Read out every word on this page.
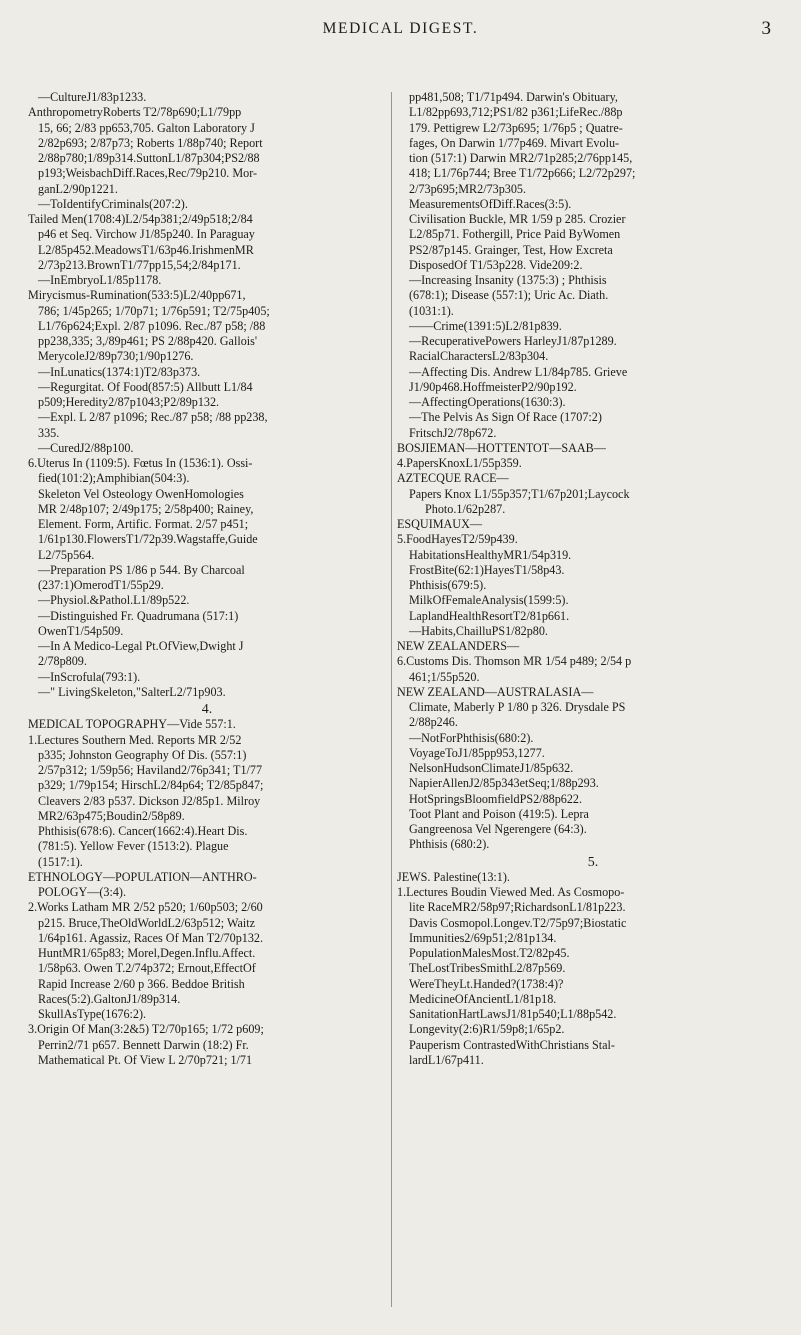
MEDICAL DIGEST.	3
—CultureJ1/83p1233.
AnthropometryRoberts T2/78p690;L1/79pp
15, 66; 2/83 pp653,705. Galton Laboratory J
2/82p693; 2/87p73; Roberts 1/88p740; Report
2/88p780;1/89p314.SuttonL1/87p304;PS2/88
p193;WeisbachDiff.Races,Rec/79p210. Mor-
ganL2/90p1221.
—ToIdentifyCriminals(207:2).
Tailed Men(1708:4)L2/54p381;2/49p518;2/84
p46 et Seq. Virchow J1/85p240. In Paraguay
L2/85p452.MeadowsT1/63p46.IrishmenMR
2/73p213.BrownT1/77pp15,54;2/84p171.
—InEmbryoL1/85p1178.
Mirycismus-Rumination(533:5)L2/40pp671,
786; 1/45p265; 1/70p71; 1/76p591; T2/75p405;
L1/76p624;Expl. 2/87 p1096. Rec./87 p58; /88
pp238,335; 3,/89p461; PS 2/88p420. Gallois'
MerycoleJ2/89p730;1/90p1276.
—InLunatics(1374:1)T2/83p373.
—Regurgitat. Of Food(857:5) Allbutt L1/84
p509;Heredity2/87p1043;P2/89p132.
—Expl. L 2/87 p1096; Rec./87 p58; /88 pp238,
335.
—CuredJ2/88p100.
6.Uterus In (1109:5). Fœtus In (1536:1). Ossi-
fied(101:2);Amphibian(504:3).
Skeleton Vel Osteology OwenHomologies
MR 2/48p107; 2/49p175; 2/58p400; Rainey,
Element. Form, Artific. Format. 2/57 p451;
1/61p130.FlowersT1/72p39.Wagstaffe,Guide
L2/75p564.
—Preparation PS 1/86 p 544. By Charcoal
(237:1)OmerodT1/55p29.
—Physiol.&Pathol.L1/89p522.
—Distinguished Fr. Quadrumana (517:1)
OwenT1/54p509.
—In A Medico-Legal Pt.OfView,Dwight J
2/78p809.
—InScrofula(793:1).
—" LivingSkeleton,"SalterL2/71p903.
4.
MEDICAL TOPOGRAPHY—Vide 557:1.
1.Lectures Southern Med. Reports MR 2/52
p335; Johnston Geography Of Dis. (557:1)
2/57p312; 1/59p56; Haviland2/76p341; T1/77
p329; 1/79p154; HirschL2/84p64; T2/85p847;
Cleavers 2/83 p537. Dickson J2/85p1. Milroy
MR2/63p475;Boudin2/58p89.
Phthisis(678:6). Cancer(1662:4).Heart Dis.
(781:5). Yellow Fever (1513:2). Plague
(1517:1).
ETHNOLOGY—POPULATION—ANTHRO-
POLOGY—(3:4).
2.Works Latham MR 2/52 p520; 1/60p503; 2/60
p215. Bruce,TheOldWorldL2/63p512; Waitz
1/64p161. Agassiz, Races Of Man T2/70p132.
HuntMR1/65p83; Morel,Degen.Influ.Affect.
1/58p63. Owen T.2/74p372; Ernout,EffectOf
Rapid Increase 2/60 p 366. Beddoe British
Races(5:2).GaltonJ1/89p314.
SkullAsType(1676:2).
3.Origin Of Man(3:2&5) T2/70p165; 1/72 p609;
Perrin2/71 p657. Bennett Darwin (18:2) Fr.
Mathematical Pt. Of View L 2/70p721; 1/71
pp481,508; T1/71p494. Darwin's Obituary,
L1/82pp693,712;PS1/82 p361;LifeRec./88p
179. Pettigrew L2/73p695; 1/76p5 ; Quatre-
fages, On Darwin 1/77p469. Mivart Evolu-
tion (517:1) Darwin MR2/71p285;2/76pp145,
418; L1/76p744; Bree T1/72p666; L2/72p297;
2/73p695;MR2/73p305.
MeasurementsOfDiff.Races(3:5).
Civilisation Buckle, MR 1/59 p 285. Crozier
L2/85p71. Fothergill, Price Paid ByWomen
PS2/87p145. Grainger, Test, How Excreta
DisposedOf T1/53p228. Vide209:2.
—Increasing Insanity (1375:3) ; Phthisis
(678:1); Disease (557:1); Uric Ac. Diath.
(1031:1).
——Crime(1391:5)L2/81p839.
—RecuperativePowers HarleyJ1/87p1289.
RacialCharactersL2/83p304.
—Affecting Dis. Andrew L1/84p785. Grieve
J1/90p468.HoffmeisterP2/90p192.
—AffectingOperations(1630:3).
—The Pelvis As Sign Of Race (1707:2)
FritschJ2/78p672.
BOSJIEMAN—HOTTENTOT—SAAB—
4.PapersKnoxL1/55p359.
AZTECQUE RACE—
Papers Knox L1/55p357;T1/67p201;Laycock
Photo.1/62p287.
ESQUIMAUX—
5.FoodHayesT2/59p439.
HabitationsHealthyMR1/54p319.
FrostBite(62:1)HayesT1/58p43.
Phthisis(679:5).
MilkOfFemaleAnalysis(1599:5).
LaplandHealthResortT2/81p661.
—Habits,ChailluPS1/82p80.
NEW ZEALANDERS—
6.Customs Dis. Thomson MR 1/54 p489; 2/54 p
461;1/55p520.
NEW ZEALAND—AUSTRALASIA—
Climate, Maberly P 1/80 p 326. Drysdale PS
2/88p246.
—NotForPhthisis(680:2).
VoyageToJ1/85pp953,1277.
NelsonHudsonClimateJ1/85p632.
NapierAllenJ2/85p343etSeq;1/88p293.
HotSpringsBloomfieldPS2/88p622.
Toot Plant and Poison (419:5). Lepra
Gangreenosa Vel Ngerengere (64:3).
Phthisis (680:2).
5.
JEWS. Palestine(13:1).
1.Lectures Boudin Viewed Med. As Cosmopo-
lite RaceMR2/58p97;RichardsonL1/81p223.
Davis Cosmopol.Longev.T2/75p97;Biostatic
Immunities2/69p51;2/81p134.
PopulationMalesMost.T2/82p45.
TheLostTribesSmithL2/87p569.
WereTheyLt.Handed?(1738:4)?
MedicineOfAncientL1/81p18.
SanitationHartLawsJ1/81p540;L1/88p542.
Longevity(2:6)R1/59p8;1/65p2.
Pauperism ContrastedWithChristians Stal-
lardL1/67p411.
